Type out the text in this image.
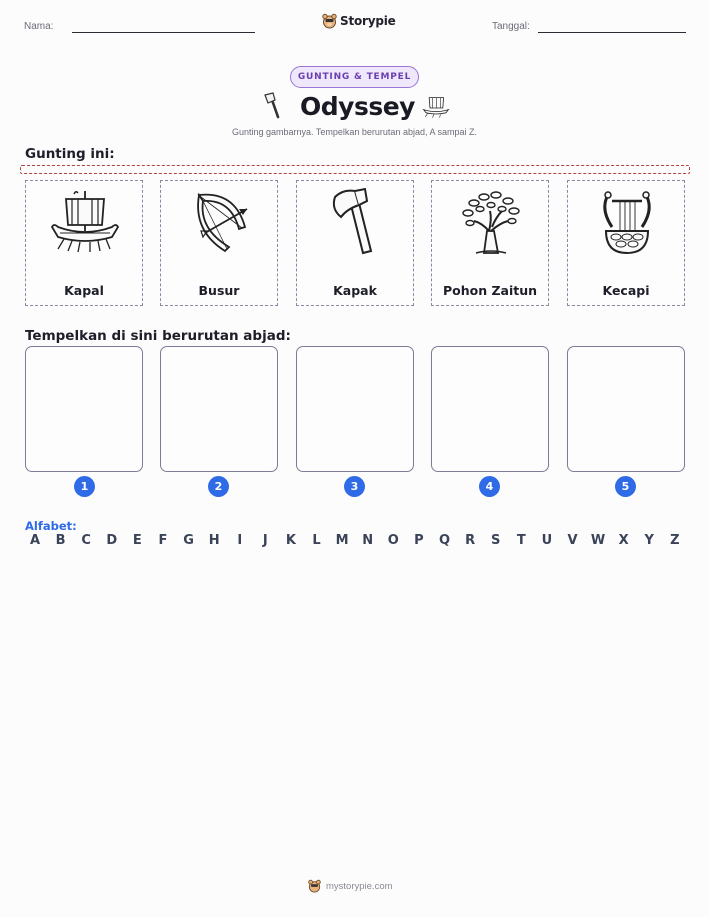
Nama:	Storypie	Tanggal:
GUNTING & TEMPEL
Odyssey
Gunting gambarnya. Tempelkan berurutan abjad, A sampai Z.
Gunting ini:
Kapal	Busur	Kapak	Pohon Zaitun	Kecapi
Tempelkan di sini berurutan abjad:
1	2	3	4	5
Alfabet:
A	B	C	D	E	F	G	H	I	J	K	L	M	N	O	P	Q	R	S	T	U	V	W	X	Y	Z
mystorypie.com
